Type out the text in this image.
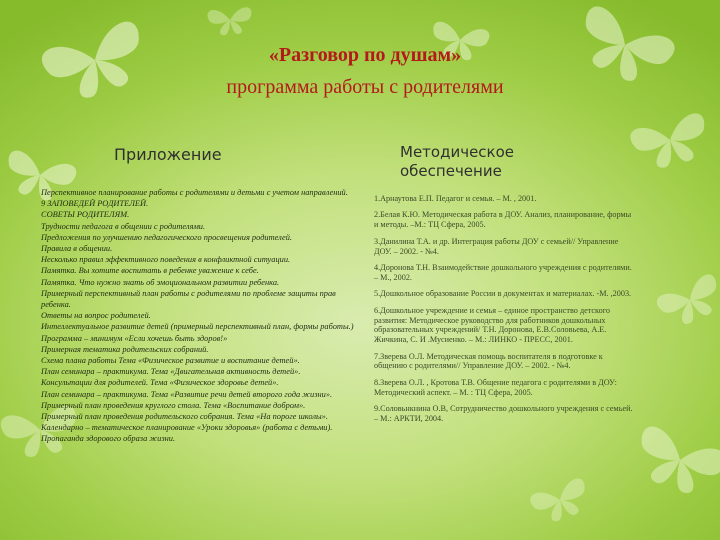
«Разговор по душам»
программа работы с родителями
Приложение	Методическое обеспечение
Перспективное планирование работы с родителями и детьми с учетом направлений.
9 ЗАПОВЕДЕЙ РОДИТЕЛЕЙ.
СОВЕТЫ РОДИТЕЛЯМ.
Трудности педагога в общении с родителями.
Предложения по улучшению педагогического просвещения родителей.
Правила в общении.
Несколько правил эффективного поведения в конфликтной ситуации.
Памятка. Вы хотите воспитать в ребенке уважение к себе.
Памятка. Что нужно знать об эмоциональном развитии ребенка.
Примерный перспективный план работы с родителями по проблеме защиты прав ребенка.
Ответы на вопрос родителей.
Интеллектуальное развитие детей (примерный перспективный план, формы работы.)
Программа – минимум «Если хочешь быть здоров!»
Примерная тематика родительских собраний.
Схема плана работы Тема «Физическое развитие и воспитание детей».
План семинара – практикума. Тема «Двигательная активность детей».
Консультации для родителей. Тема «Физическое здоровье детей».
План семинара – практикума. Тема «Развитие речи детей второго года жизни».
Примерный план проведения круглого стола. Тема «Воспитание добром».
Примерный план проведения родительского собрания. Тема «На пороге школы».
Календарно – тематическое планирование «Уроки здоровья» (работа с детьми).
Пропаганда здорового образа жизни.
1.Арнаутова Е.П. Педагог и семья. – М. , 2001.
2.Белая К.Ю. Методическая работа в ДОУ. Анализ, планирование, формы и методы. –М.: ТЦ Сфера, 2005.
3.Данилина Т.А. и др. Интеграция работы ДОУ с семьей// Управление ДОУ. – 2002. - №4.
4.Доронова Т.Н. Взаимодействие дошкольного учреждения с родителями. – М., 2002.
5.Дошкольное образование России в документах и материалах. -М. ,2003.
6.Дошкольное учреждение и семья – единое пространство детского развития: Методическое руководство для работников дошкольных образовательных учреждений/ Т.Н. Доронова, Е.В.Соловьева, А.Е. Жичкина, С. И .Мусиенко. – М.: ЛИНКО - ПРЕСС, 2001.
7.Зверева О.Л. Методическая помощь воспитателя в подготовке к общению с родителями// Управление ДОУ. – 2002. - №4.
8.Зверева О.Л. , Кротова Т.В. Общение педагога с родителями в ДОУ: Методический аспект. – М. : ТЦ Сфера, 2005.
9.Соловьнкнина О.В, Сотрудничество дошкольного учреждения с семьей. – М.: АРКТИ, 2004.
